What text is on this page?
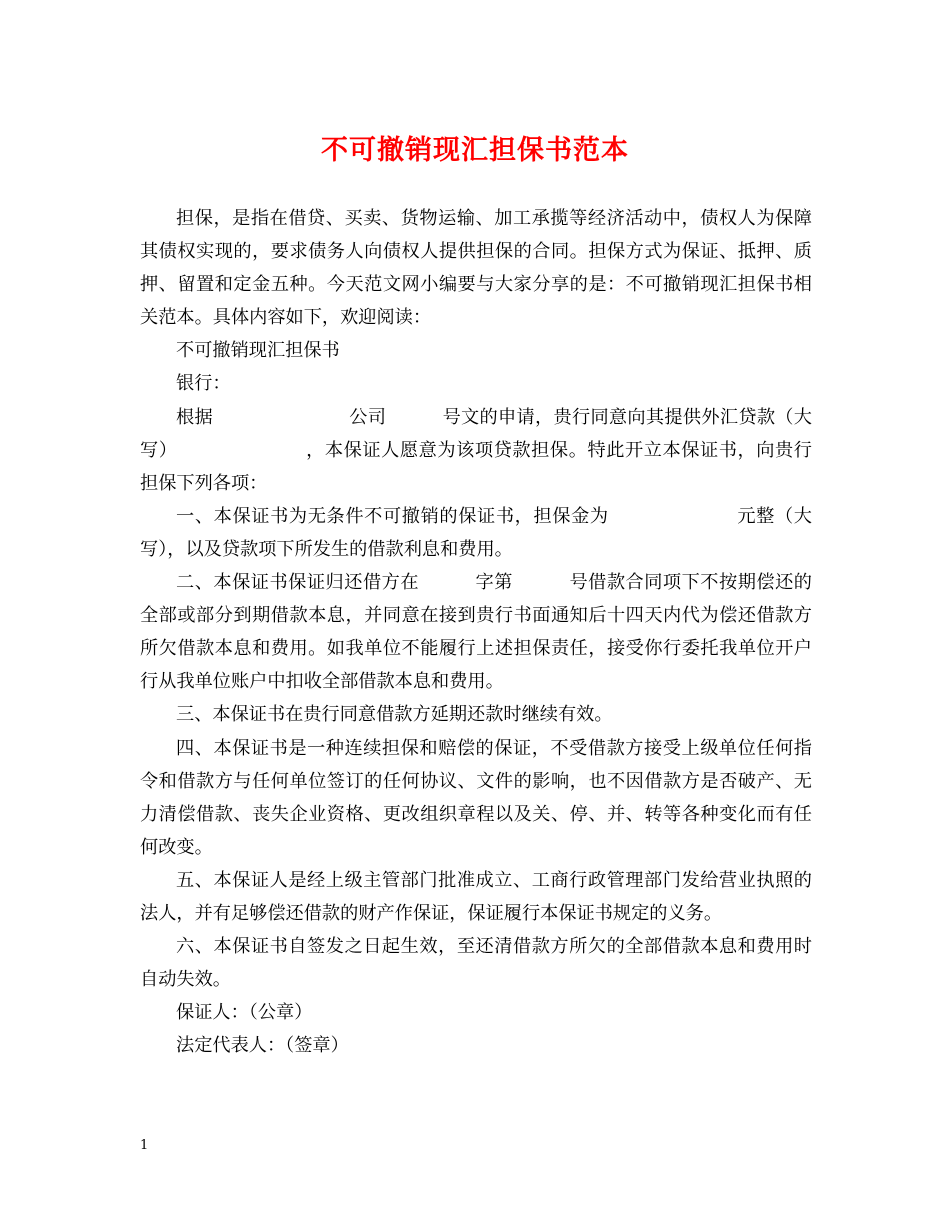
不可撤销现汇担保书范本

担保，是指在借贷、买卖、货物运输、加工承揽等经济活动中，债权人为保障其债权实现的，要求债务人向债权人提供担保的合同。担保方式为保证、抵押、质押、留置和定金五种。今天范文网小编要与大家分享的是：不可撤销现汇担保书相关范本。具体内容如下，欢迎阅读：

不可撤销现汇担保书

银行：

根据	公司	号文的申请，贵行同意向其提供外汇贷款（大写）	，本保证人愿意为该项贷款担保。特此开立本保证书，向贵行担保下列各项：

一、本保证书为无条件不可撤销的保证书，担保金为	元整（大写），以及贷款项下所发生的借款利息和费用。

二、本保证书保证归还借方在	字第	号借款合同项下不按期偿还的全部或部分到期借款本息，并同意在接到贵行书面通知后十四天内代为偿还借款方所欠借款本息和费用。如我单位不能履行上述担保责任，接受你行委托我单位开户行从我单位账户中扣收全部借款本息和费用。

三、本保证书在贵行同意借款方延期还款时继续有效。

四、本保证书是一种连续担保和赔偿的保证，不受借款方接受上级单位任何指令和借款方与任何单位签订的任何协议、文件的影响，也不因借款方是否破产、无力清偿借款、丧失企业资格、更改组织章程以及关、停、并、转等各种变化而有任何改变。

五、本保证人是经上级主管部门批准成立、工商行政管理部门发给营业执照的法人，并有足够偿还借款的财产作保证，保证履行本保证书规定的义务。

六、本保证书自签发之日起生效，至还清借款方所欠的全部借款本息和费用时自动失效。

保证人：（公章）

法定代表人：（签章）

1
